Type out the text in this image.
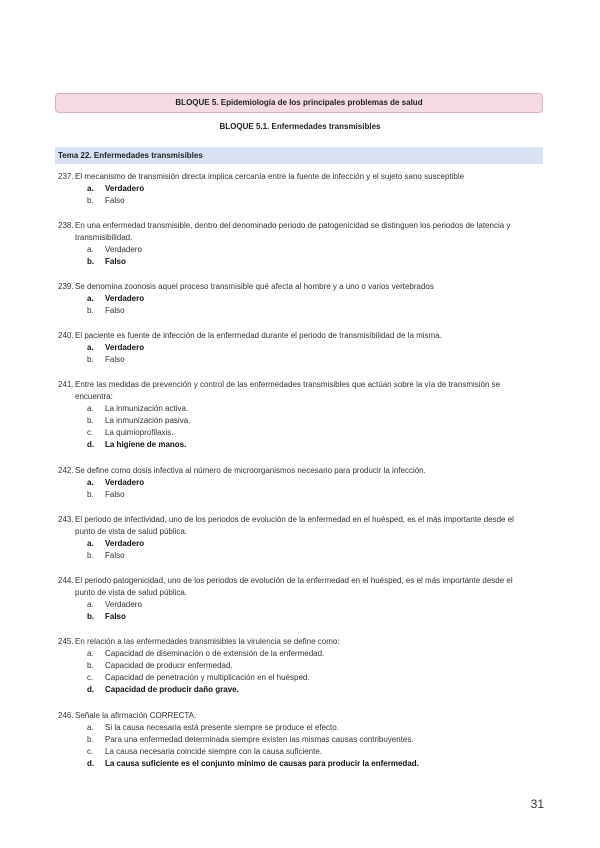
BLOQUE 5. Epidemiología de los principales problemas de salud
BLOQUE 5.1. Enfermedades transmisibles
Tema 22. Enfermedades transmisibles
237. El mecanismo de transmisión directa implica cercanía entre la fuente de infección y el sujeto sano susceptible
a.	Verdadero
b.	Falso
238. En una enfermedad transmisible, dentro del denominado periodo de patogenicidad se distinguen los periodos de latencia y transmisibilidad.
a.	Verdadero
b.	Falso
239. Se denomina zoonosis aquel proceso transmisible qué afecta al hombre y a uno o varios vertebrados
a.	Verdadero
b.	Falso
240. El paciente es fuente de infección de la enfermedad durante el periodo de transmisibilidad de la misma.
a.	Verdadero
b.	Falso
241. Entre las medidas de prevención y control de las enfermedades transmisibles que actúan sobre la vía de transmisión se encuentra:
a.	La inmunización activa.
b.	La inmunización pasiva.
c.	La quimioprofilaxis.
d.	La higiene de manos.
242. Se define como dosis infectiva al número de microorganismos necesario para producir la infección.
a.	Verdadero
b.	Falso
243. El periodo de infectividad, uno de los periodos de evolución de la enfermedad en el huésped, es el más importante desde el punto de vista de salud pública.
a.	Verdadero
b.	Falso
244. El periodo patogenicidad, uno de los periodos de evolución de la enfermedad en el huésped, es el más importante desde el punto de vista de salud pública.
a.	Verdadero
b.	Falso
245. En relación a las enfermedades transmisibles la virulencia se define como:
a.	Capacidad de diseminación o de extensión de la enfermedad.
b.	Capacidad de producir enfermedad.
c.	Capacidad de penetración y multiplicación en el huésped.
d.	Capacidad de producir daño grave.
246. Señale la afirmación CORRECTA.
a.	Si la causa necesaria está presente siempre se produce el efecto.
b.	Para una enfermedad determinada siempre existen las mismas causas contribuyentes.
c.	La causa necesaria coincide siempre con la causa suficiente.
d.	La causa suficiente es el conjunto mínimo de causas para producir la enfermedad.
31
